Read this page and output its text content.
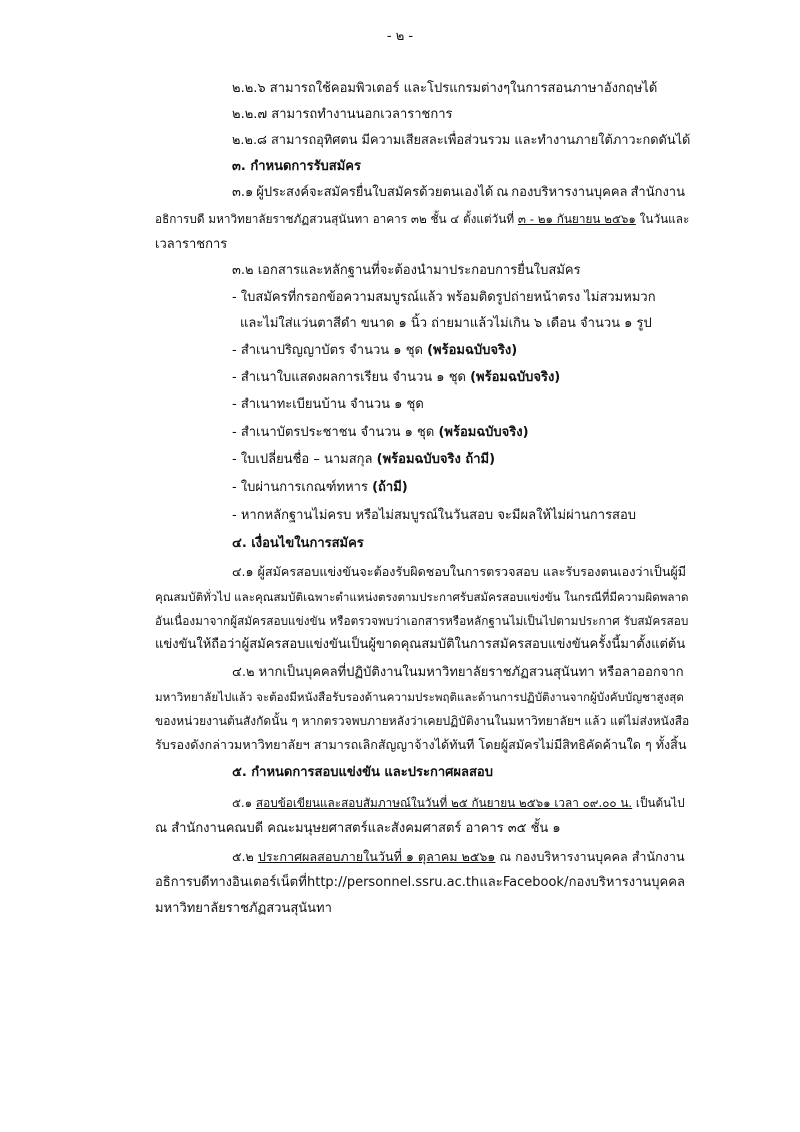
- ๒ -
๒.๒.๖ สามารถใช้คอมพิวเตอร์ และโปรแกรมต่างๆในการสอนภาษาอังกฤษได้
๒.๒.๗ สามารถทำงานนอกเวลาราชการ
๒.๒.๘ สามารถอุทิศตน มีความเสียสละเพื่อส่วนรวม และทำงานภายใต้ภาวะกดดันได้
๓. กำหนดการรับสมัคร
๓.๑ ผู้ประสงค์จะสมัครยื่นใบสมัครด้วยตนเองได้ ณ กองบริหารงานบุคคล สำนักงาน
อธิการบดี มหาวิทยาลัยราชภัฏสวนสุนันทา อาคาร ๓๒ ชั้น ๔ ตั้งแต่วันที่ ๓ - ๒๑ กันยายน ๒๕๖๑ ในวันและ
เวลาราชการ
๓.๒ เอกสารและหลักฐานที่จะต้องนำมาประกอบการยื่นใบสมัคร
- ใบสมัครที่กรอกข้อความสมบูรณ์แล้ว พร้อมติดรูปถ่ายหน้าตรง ไม่สวมหมวก
และไม่ใส่แว่นตาสีดำ ขนาด ๑ นิ้ว ถ่ายมาแล้วไม่เกิน ๖ เดือน จำนวน ๑ รูป
- สำเนาปริญญาบัตร จำนวน ๑ ชุด (พร้อมฉบับจริง)
- สำเนาใบแสดงผลการเรียน จำนวน ๑ ชุด (พร้อมฉบับจริง)
- สำเนาทะเบียนบ้าน จำนวน ๑ ชุด
- สำเนาบัตรประชาชน จำนวน ๑ ชุด (พร้อมฉบับจริง)
- ใบเปลี่ยนชื่อ – นามสกุล (พร้อมฉบับจริง ถ้ามี)
- ใบผ่านการเกณฑ์ทหาร (ถ้ามี)
- หากหลักฐานไม่ครบ หรือไม่สมบูรณ์ในวันสอบ จะมีผลให้ไม่ผ่านการสอบ
๔. เงื่อนไขในการสมัคร
๔.๑ ผู้สมัครสอบแข่งขันจะต้องรับผิดชอบในการตรวจสอบ และรับรองตนเองว่าเป็นผู้มี
คุณสมบัติทั่วไป และคุณสมบัติเฉพาะตำแหน่งตรงตามประกาศรับสมัครสอบแข่งขัน ในกรณีที่มีความผิดพลาด
อันเนื่องมาจากผู้สมัครสอบแข่งขัน หรือตรวจพบว่าเอกสารหรือหลักฐานไม่เป็นไปตามประกาศ รับสมัครสอบ
แข่งขันให้ถือว่าผู้สมัครสอบแข่งขันเป็นผู้ขาดคุณสมบัติในการสมัครสอบแข่งขันครั้งนี้มาตั้งแต่ต้น
๔.๒ หากเป็นบุคคลที่ปฏิบัติงานในมหาวิทยาลัยราชภัฏสวนสุนันทา หรือลาออกจาก
มหาวิทยาลัยไปแล้ว จะต้องมีหนังสือรับรองด้านความประพฤติและด้านการปฏิบัติงานจากผู้บังคับบัญชาสูงสุด
ของหน่วยงานต้นสังกัดนั้น ๆ หากตรวจพบภายหลังว่าเคยปฏิบัติงานในมหาวิทยาลัยฯ แล้ว แต่ไม่ส่งหนังสือ
รับรองดังกล่าวมหาวิทยาลัยฯ สามารถเลิกสัญญาจ้างได้ทันที โดยผู้สมัครไม่มีสิทธิคัดค้านใด ๆ ทั้งสิ้น
๕. กำหนดการสอบแข่งขัน และประกาศผลสอบ
๕.๑ สอบข้อเขียนและสอบสัมภาษณ์ในวันที่ ๒๕ กันยายน ๒๕๖๑ เวลา ๐๙.๐๐ น. เป็นต้นไป
ณ สำนักงานคณบดี คณะมนุษยศาสตร์และสังคมศาสตร์ อาคาร ๓๕ ชั้น ๑
๕.๒ ประกาศผลสอบภายในวันที่ ๑ ตุลาคม ๒๕๖๑ ณ กองบริหารงานบุคคล สำนักงาน
อธิการบดี ทางอินเตอร์เน็ต ที่ http://personnel.ssru.ac.th และ Facebook / กองบริหารงานบุคคล
มหาวิทยาลัยราชภัฏสวนสุนันทา
